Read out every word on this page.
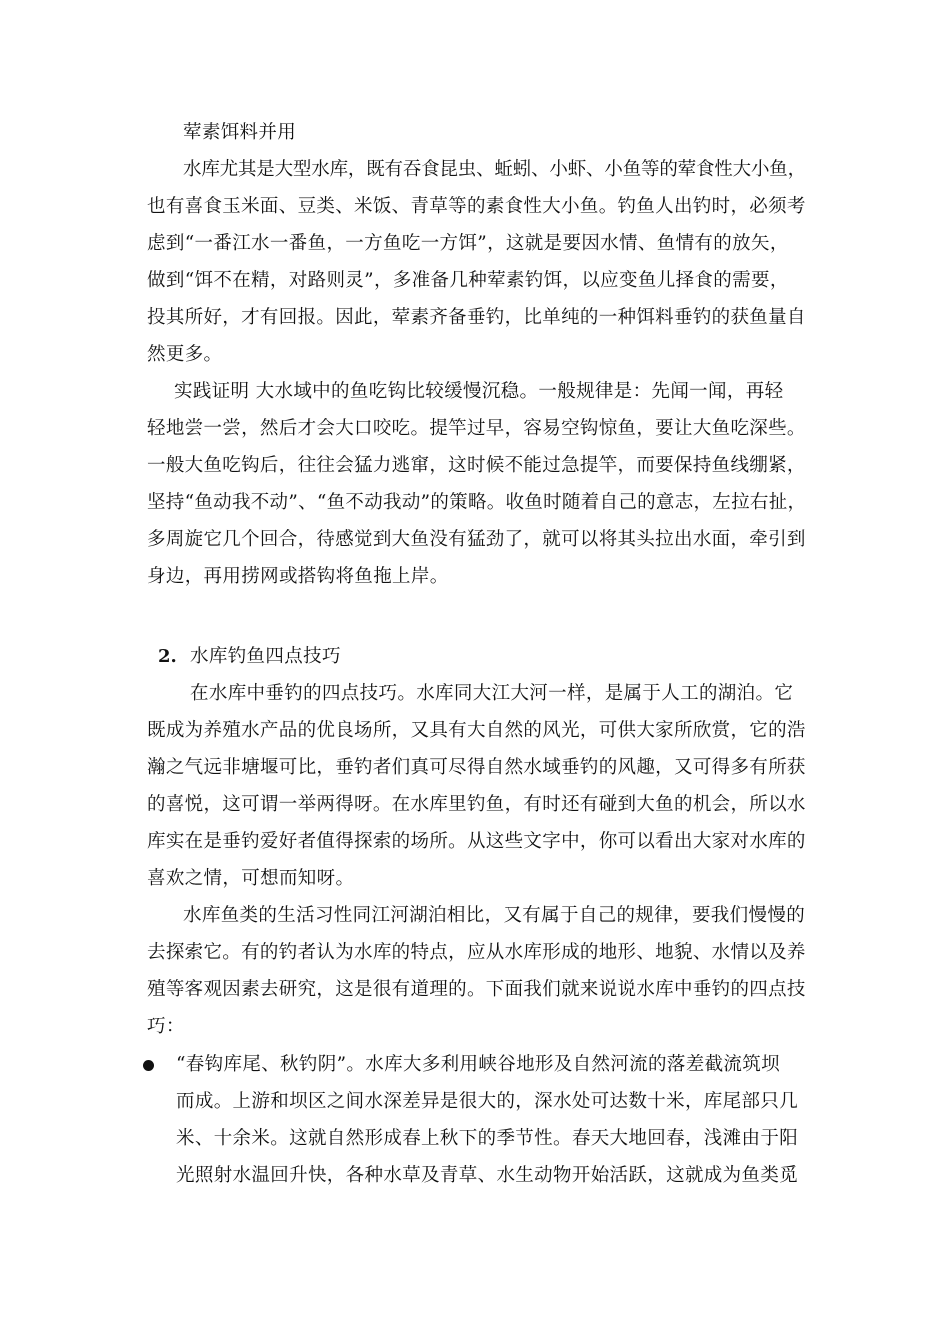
荤素饵料并用
水库尤其是大型水库，既有吞食昆虫、蚯蚓、小虾、小鱼等的荤食性大小鱼，
也有喜食玉米面、豆类、米饭、青草等的素食性大小鱼。钓鱼人出钓时，必须考
虑到“一番江水一番鱼，一方鱼吃一方饵”，这就是要因水情、鱼情有的放矢，
做到“饵不在精，对路则灵”，多准备几种荤素钓饵，以应变鱼儿择食的需要，
投其所好，才有回报。因此，荤素齐备垂钓，比单纯的一种饵料垂钓的获鱼量自
然更多。
实践证明 大水域中的鱼吃钩比较缓慢沉稳。一般规律是：先闻一闻，再轻
轻地尝一尝，然后才会大口咬吃。提竿过早，容易空钩惊鱼，要让大鱼吃深些。
一般大鱼吃钩后，往往会猛力逃窜，这时候不能过急提竿，而要保持鱼线绷紧，
坚持“鱼动我不动”、“鱼不动我动”的策略。收鱼时随着自己的意志，左拉右扯，
多周旋它几个回合，待感觉到大鱼没有猛劲了，就可以将其头拉出水面，牵引到
身边，再用捞网或搭钩将鱼拖上岸。
2. 水库钓鱼四点技巧
在水库中垂钓的四点技巧。水库同大江大河一样，是属于人工的湖泊。它
既成为养殖水产品的优良场所，又具有大自然的风光，可供大家所欣赏，它的浩
瀚之气远非塘堰可比，垂钓者们真可尽得自然水域垂钓的风趣，又可得多有所获
的喜悦，这可谓一举两得呀。在水库里钓鱼，有时还有碰到大鱼的机会，所以水
库实在是垂钓爱好者值得探索的场所。从这些文字中，你可以看出大家对水库的
喜欢之情，可想而知呀。
水库鱼类的生活习性同江河湖泊相比，又有属于自己的规律，要我们慢慢的
去探索它。有的钓者认为水库的特点，应从水库形成的地形、地貌、水情以及养
殖等客观因素去研究，这是很有道理的。下面我们就来说说水库中垂钓的四点技
巧：
“春钩库尾、秋钓阴”。水库大多利用峡谷地形及自然河流的落差截流筑坝
而成。上游和坝区之间水深差异是很大的，深水处可达数十米，库尾部只几
米、十余米。这就自然形成春上秋下的季节性。春天大地回春，浅滩由于阳
光照射水温回升快，各种水草及青草、水生动物开始活跃，这就成为鱼类觅
